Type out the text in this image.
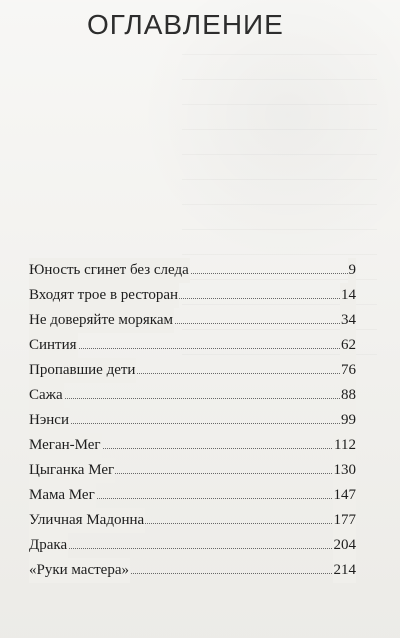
ОГЛАВЛЕНИЕ
Юность сгинет без следа	9
Входят трое в ресторан	14
Не доверяйте морякам	34
Синтия	62
Пропавшие дети	76
Сажа	88
Нэнси	99
Меган-Мег	112
Цыганка Мег	130
Мама Мег	147
Уличная Мадонна	177
Драка	204
«Руки мастера»	214
